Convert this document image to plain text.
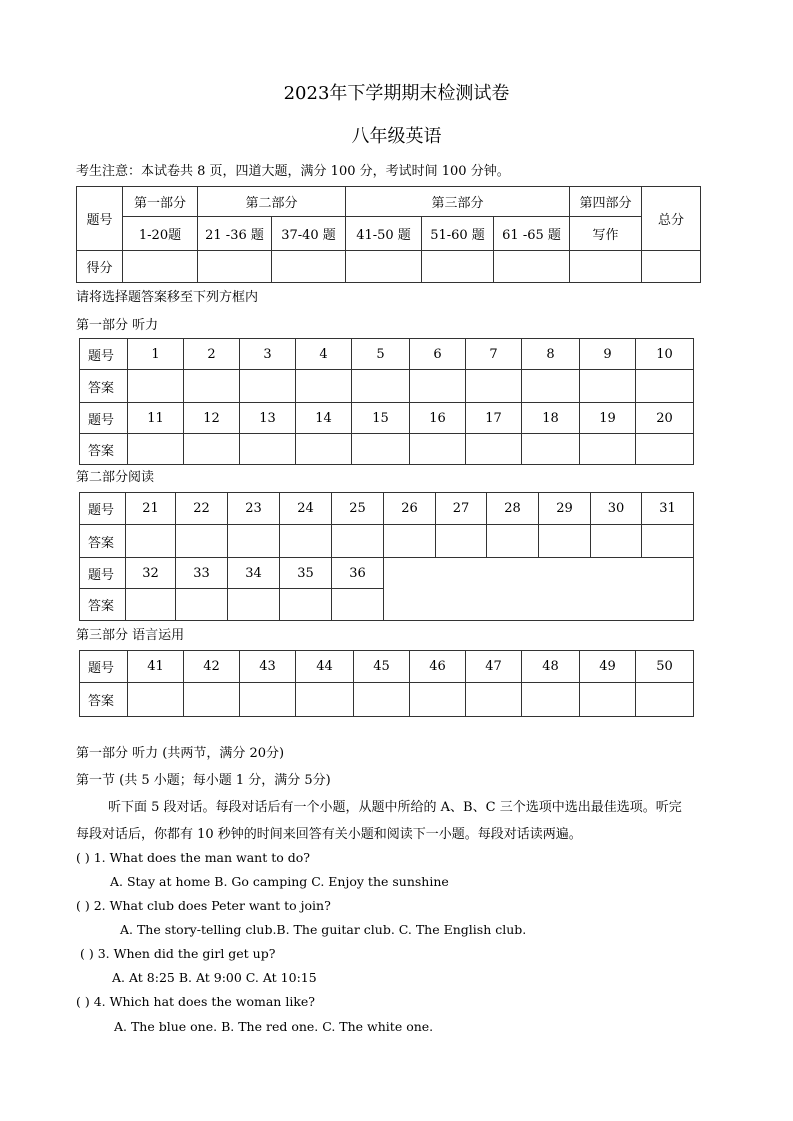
2023年下学期期末检测试卷
八年级英语
考生注意：本试卷共 8 页，四道大题，满分 100 分，考试时间 100 分钟。
题号	第一部分	第二部分		第三部分			第四部分	总分
	1-20题	21 -36 题	37-40 题	41-50 题	51-60 题	61 -65 题	写作	
得分								
请将选择题答案移至下列方框内
第一部分 听力
题号	1	2	3	4	5	6	7	8	9	10
答案										
题号	11	12	13	14	15	16	17	18	19	20
答案										
第二部分阅读
题号	21	22	23	24	25	26	27	28	29	30	31
答案											
题号	32	33	34	35	36						
答案											
第三部分 语言运用
题号	41	42	43	44	45	46	47	48	49	50
答案										
第一部分 听力 (共两节，满分 20分)
第一节 (共 5 小题；每小题 1 分，满分 5分)
听下面 5 段对话。每段对话后有一个小题，从题中所给的 A、B、C 三个选项中选出最佳选项。听完
每段对话后，你都有 10 秒钟的时间来回答有关小题和阅读下一小题。每段对话读两遍。
( ) 1. What does the man want to do?
A. Stay at home B. Go camping C. Enjoy the sunshine
( ) 2. What club does Peter want to join?
A. The story-telling club.B. The guitar club. C. The English club.
( ) 3. When did the girl get up?
A. At 8:25 B. At 9:00 C. At 10:15
( ) 4. Which hat does the woman like?
A. The blue one. B. The red one. C. The white one.
